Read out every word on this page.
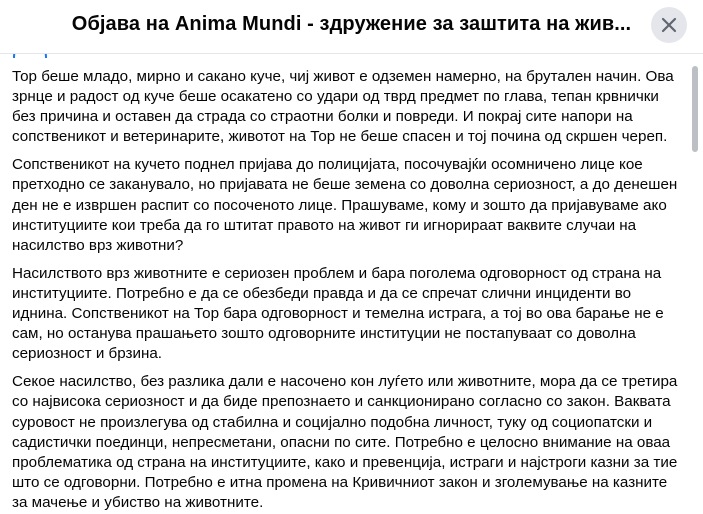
Објава на Anima Mundi - здружение за заштита на жив...

Тор беше младо, мирно и сакано куче, чиј живот е одземен намерно, на брутален начин. Ова зрнце и радост од куче беше осакатено со удари од тврд предмет по глава, тепан крвнички без причина и оставен да страда со страотни болки и повреди. И покрај сите напори на сопственикот и ветеринарите, животот на Тор не беше спасен и тој почина од скршен череп.

Сопственикот на кучето поднел пријава до полицијата, посочувајќи осомничено лице кое претходно се заканувало, но пријавата не беше земена со доволна сериозност, а до денешен ден не е извршен распит со посоченото лице. Прашуваме, кому и зошто да пријавуваме ако институциите кои треба да го штитат правото на живот ги игнорираат ваквите случаи на насилство врз животни?

Насилството врз животните е сериозен проблем и бара поголема одговорност од страна на институциите. Потребно е да се обезбеди правда и да се спречат слични инциденти во иднина. Сопственикот на Тор бара одговорност и темелна истрага, а тој во ова барање не е сам, но останува прашањето зошто одговорните институции не постапуваат со доволна сериозност и брзина.

Секое насилство, без разлика дали е насочено кон луѓето или животните, мора да се третира со највисока сериозност и да биде препознаето и санкционирано согласно со закон. Ваквата суровост не произлегува од стабилна и социјално подобна личност, туку од социопатски и садистички поединци, непресметани, опасни по сите. Потребно е целосно внимание на оваа проблематика од страна на институциите, како и превенција, истраги и најстроги казни за тие што се одговорни. Потребно е итна промена на Кривичниот закон и зголемување на казните за мачење и убиство на животните.
